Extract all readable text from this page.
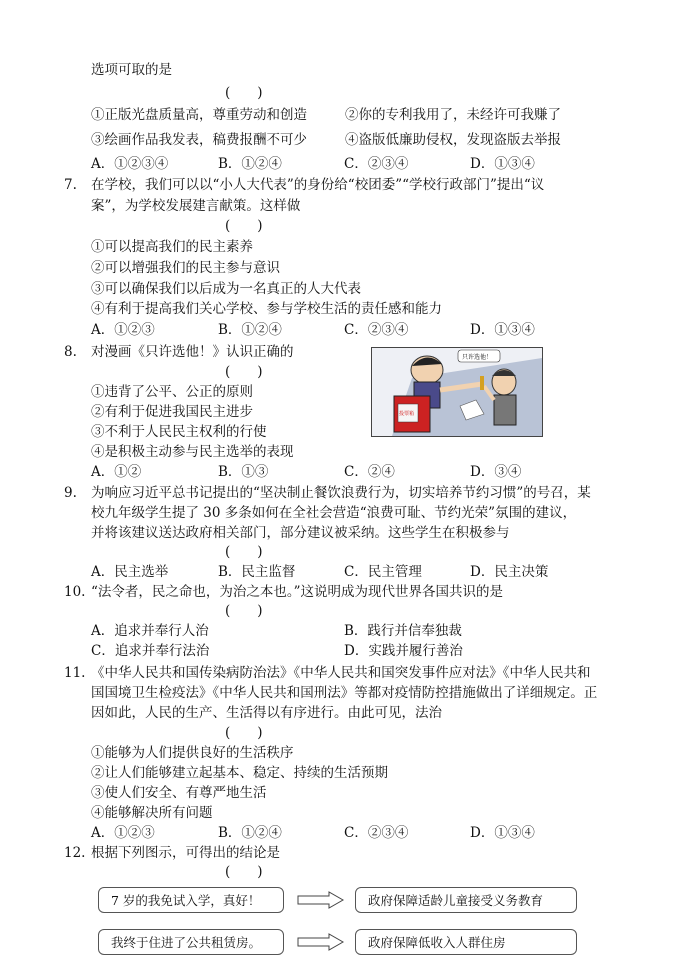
选项可取的是
(　　)
①正版光盘质量高，尊重劳动和创造	②你的专利我用了，未经许可我赚了
③绘画作品我发表，稿费报酬不可少	④盗版低廉助侵权，发现盗版去举报
A．①②③④	B．①②④	C．②③④	D．①③④
7. 在学校，我们可以以“小人大代表”的身份给“校团委”“学校行政部门”提出“议
案”，为学校发展建言献策。这样做
(　　)
①可以提高我们的民主素养
②可以增强我们的民主参与意识
③可以确保我们以后成为一名真正的人大代表
④有利于提高我们关心学校、参与学校生活的责任感和能力
A．①②③	B．①②④	C．②③④	D．①③④
8. 对漫画《只许选他！》认识正确的
(　　)
①违背了公平、公正的原则
②有利于促进我国民主进步
③不利于人民民主权利的行使
④是积极主动参与民主选举的表现
A．①②	B．①③	C．②④	D．③④
投票箱
只许选他！
9. 为响应习近平总书记提出的“坚决制止餐饮浪费行为，切实培养节约习惯”的号召，某
校九年级学生提了 30 多条如何在全社会营造“浪费可耻、节约光荣”氛围的建议，
并将该建议送达政府相关部门，部分建议被采纳。这些学生在积极参与
(　　)
A．民主选举	B．民主监督	C．民主管理	D．民主决策
10. “法令者，民之命也，为治之本也。”这说明成为现代世界各国共识的是
(　　)
A．追求并奉行人治	B．践行并信奉独裁
C．追求并奉行法治	D．实践并履行善治
11. 《中华人民共和国传染病防治法》《中华人民共和国突发事件应对法》《中华人民共和
国国境卫生检疫法》《中华人民共和国刑法》等都对疫情防控措施做出了详细规定。正
因如此，人民的生产、生活得以有序进行。由此可见，法治
(　　)
①能够为人们提供良好的生活秩序
②让人们能够建立起基本、稳定、持续的生活预期
③使人们安全、有尊严地生活
④能够解决所有问题
A．①②③	B．①②④	C．②③④	D．①③④
12. 根据下列图示，可得出的结论是
(　　)
7 岁的我免试入学，真好！	政府保障适龄儿童接受义务教育
我终于住进了公共租赁房。	政府保障低收入人群住房
